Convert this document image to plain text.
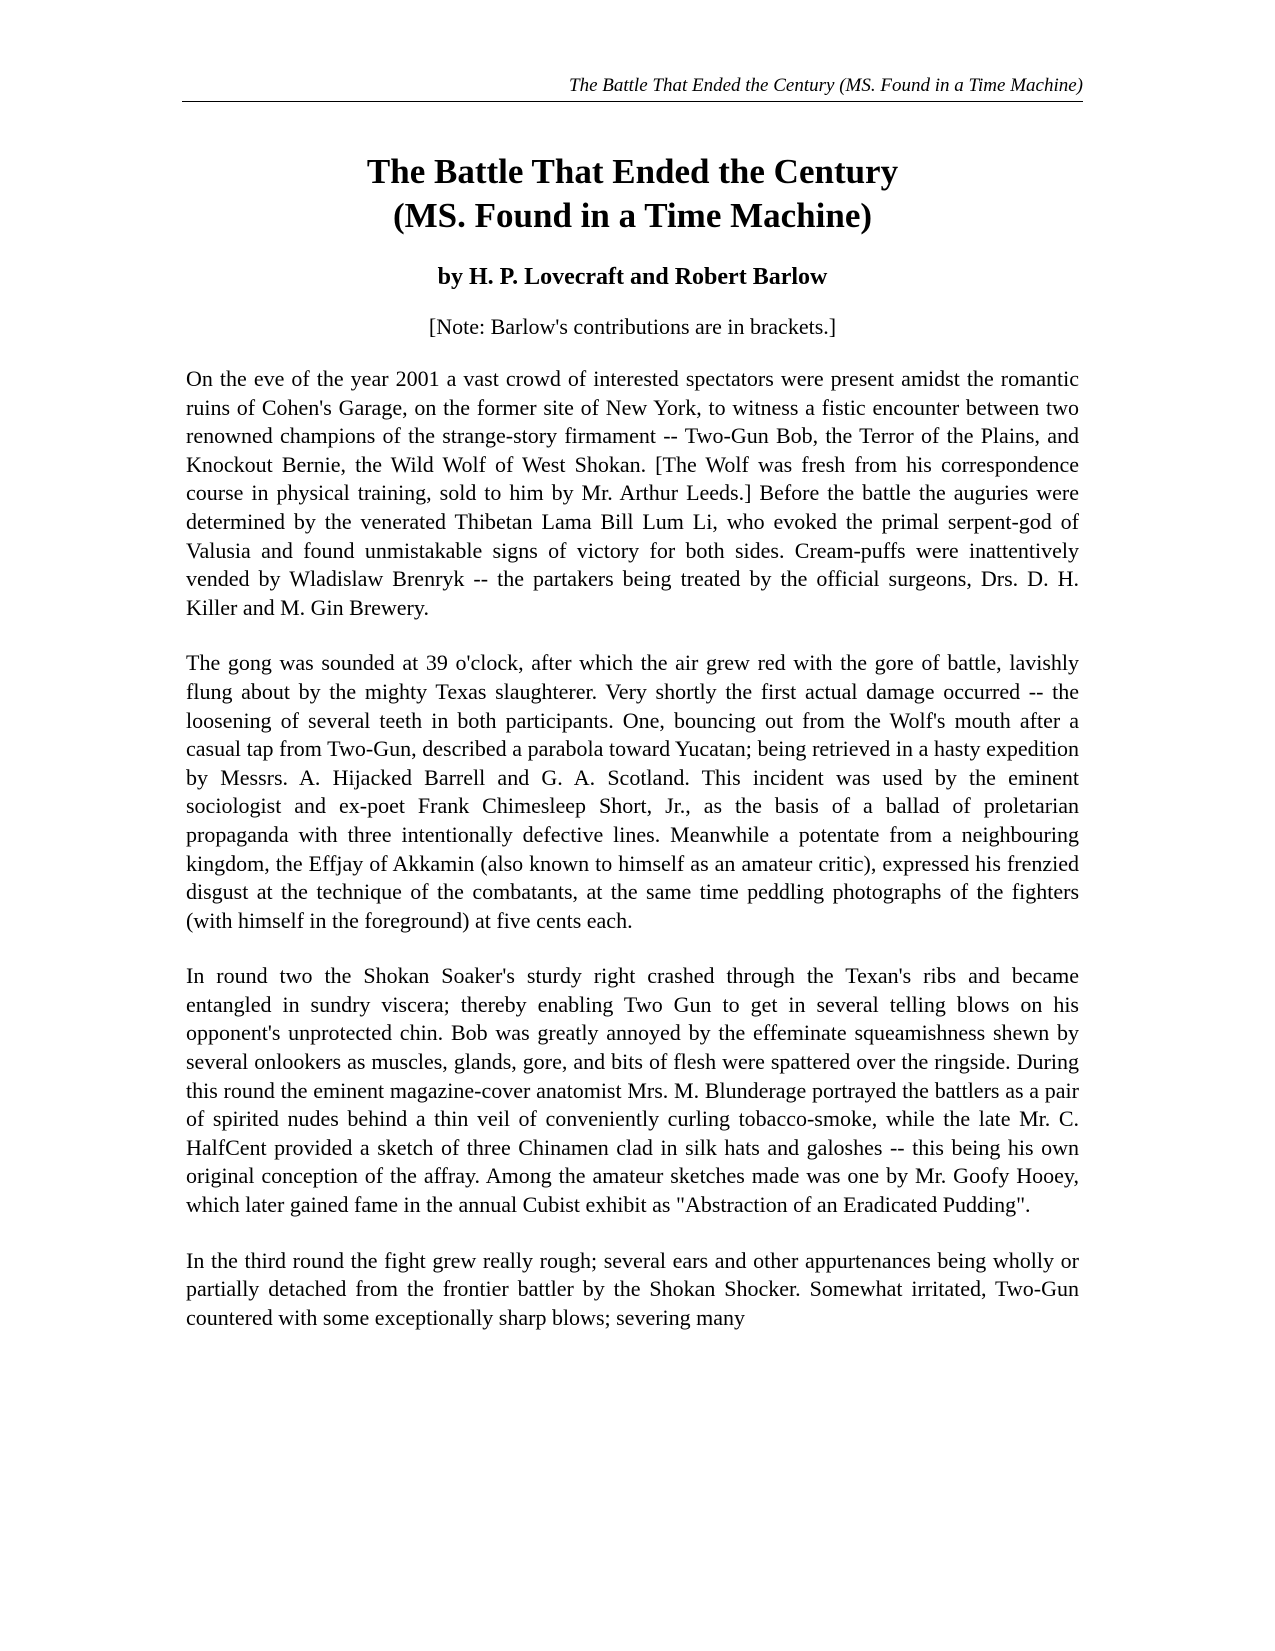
The Battle That Ended the Century (MS. Found in a Time Machine)
The Battle That Ended the Century
(MS. Found in a Time Machine)

by H. P. Lovecraft and Robert Barlow

[Note: Barlow's contributions are in brackets.]

On the eve of the year 2001 a vast crowd of interested spectators were present amidst the romantic ruins of Cohen's Garage, on the former site of New York, to witness a fistic encounter between two renowned champions of the strange-story firmament -- Two-Gun Bob, the Terror of the Plains, and Knockout Bernie, the Wild Wolf of West Shokan. [The Wolf was fresh from his correspondence course in physical training, sold to him by Mr. Arthur Leeds.] Before the battle the auguries were determined by the venerated Thibetan Lama Bill Lum Li, who evoked the primal serpent-god of Valusia and found unmistakable signs of victory for both sides. Cream-puffs were inattentively vended by Wladislaw Brenryk -- the partakers being treated by the official surgeons, Drs. D. H. Killer and M. Gin Brewery.

The gong was sounded at 39 o'clock, after which the air grew red with the gore of battle, lavishly flung about by the mighty Texas slaughterer. Very shortly the first actual damage occurred -- the loosening of several teeth in both participants. One, bouncing out from the Wolf's mouth after a casual tap from Two-Gun, described a parabola toward Yucatan; being retrieved in a hasty expedition by Messrs. A. Hijacked Barrell and G. A. Scotland. This incident was used by the eminent sociologist and ex-poet Frank Chimesleep Short, Jr., as the basis of a ballad of proletarian propaganda with three intentionally defective lines. Meanwhile a potentate from a neighbouring kingdom, the Effjay of Akkamin (also known to himself as an amateur critic), expressed his frenzied disgust at the technique of the combatants, at the same time peddling photographs of the fighters (with himself in the foreground) at five cents each.

In round two the Shokan Soaker's sturdy right crashed through the Texan's ribs and became entangled in sundry viscera; thereby enabling Two Gun to get in several telling blows on his opponent's unprotected chin. Bob was greatly annoyed by the effeminate squeamishness shewn by several onlookers as muscles, glands, gore, and bits of flesh were spattered over the ringside. During this round the eminent magazine-cover anatomist Mrs. M. Blunderage portrayed the battlers as a pair of spirited nudes behind a thin veil of conveniently curling tobacco-smoke, while the late Mr. C. HalfCent provided a sketch of three Chinamen clad in silk hats and galoshes -- this being his own original conception of the affray. Among the amateur sketches made was one by Mr. Goofy Hooey, which later gained fame in the annual Cubist exhibit as "Abstraction of an Eradicated Pudding".

In the third round the fight grew really rough; several ears and other appurtenances being wholly or partially detached from the frontier battler by the Shokan Shocker. Somewhat irritated, Two-Gun countered with some exceptionally sharp blows; severing many
